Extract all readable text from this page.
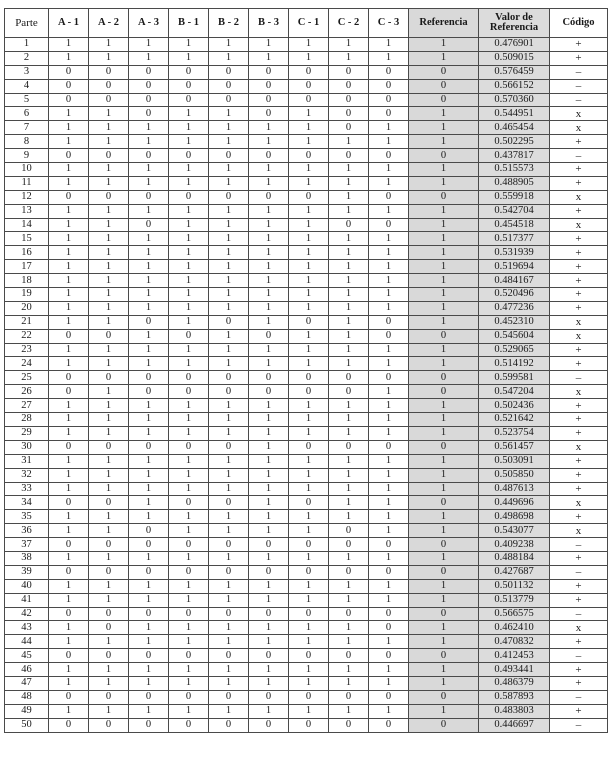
Parte	A - 1	A - 2	A - 3	B - 1	B - 2	B - 3	C - 1	C - 2	C - 3	Referencia	Valor de Referencia	Código
1	1	1	1	1	1	1	1	1	1	1	0.476901	+
2	1	1	1	1	1	1	1	1	1	1	0.509015	+
3	0	0	0	0	0	0	0	0	0	0	0.576459	–
4	0	0	0	0	0	0	0	0	0	0	0.566152	–
5	0	0	0	0	0	0	0	0	0	0	0.570360	–
6	1	1	0	1	1	0	1	0	0	1	0.544951	x
7	1	1	1	1	1	1	1	0	1	1	0.465454	x
8	1	1	1	1	1	1	1	1	1	1	0.502295	+
9	0	0	0	0	0	0	0	0	0	0	0.437817	–
10	1	1	1	1	1	1	1	1	1	1	0.515573	+
11	1	1	1	1	1	1	1	1	1	1	0.488905	+
12	0	0	0	0	0	0	0	1	0	0	0.559918	x
13	1	1	1	1	1	1	1	1	1	1	0.542704	+
14	1	1	0	1	1	1	1	0	0	1	0.454518	x
15	1	1	1	1	1	1	1	1	1	1	0.517377	+
16	1	1	1	1	1	1	1	1	1	1	0.531939	+
17	1	1	1	1	1	1	1	1	1	1	0.519694	+
18	1	1	1	1	1	1	1	1	1	1	0.484167	+
19	1	1	1	1	1	1	1	1	1	1	0.520496	+
20	1	1	1	1	1	1	1	1	1	1	0.477236	+
21	1	1	0	1	0	1	0	1	0	1	0.452310	x
22	0	0	1	0	1	0	1	1	0	0	0.545604	x
23	1	1	1	1	1	1	1	1	1	1	0.529065	+
24	1	1	1	1	1	1	1	1	1	1	0.514192	+
25	0	0	0	0	0	0	0	0	0	0	0.599581	–
26	0	1	0	0	0	0	0	0	1	0	0.547204	x
27	1	1	1	1	1	1	1	1	1	1	0.502436	+
28	1	1	1	1	1	1	1	1	1	1	0.521642	+
29	1	1	1	1	1	1	1	1	1	1	0.523754	+
30	0	0	0	0	0	1	0	0	0	0	0.561457	x
31	1	1	1	1	1	1	1	1	1	1	0.503091	+
32	1	1	1	1	1	1	1	1	1	1	0.505850	+
33	1	1	1	1	1	1	1	1	1	1	0.487613	+
34	0	0	1	0	0	1	0	1	1	0	0.449696	x
35	1	1	1	1	1	1	1	1	1	1	0.498698	+
36	1	1	0	1	1	1	1	0	1	1	0.543077	x
37	0	0	0	0	0	0	0	0	0	0	0.409238	–
38	1	1	1	1	1	1	1	1	1	1	0.488184	+
39	0	0	0	0	0	0	0	0	0	0	0.427687	–
40	1	1	1	1	1	1	1	1	1	1	0.501132	+
41	1	1	1	1	1	1	1	1	1	1	0.513779	+
42	0	0	0	0	0	0	0	0	0	0	0.566575	–
43	1	0	1	1	1	1	1	1	0	1	0.462410	x
44	1	1	1	1	1	1	1	1	1	1	0.470832	+
45	0	0	0	0	0	0	0	0	0	0	0.412453	–
46	1	1	1	1	1	1	1	1	1	1	0.493441	+
47	1	1	1	1	1	1	1	1	1	1	0.486379	+
48	0	0	0	0	0	0	0	0	0	0	0.587893	–
49	1	1	1	1	1	1	1	1	1	1	0.483803	+
50	0	0	0	0	0	0	0	0	0	0	0.446697	–
